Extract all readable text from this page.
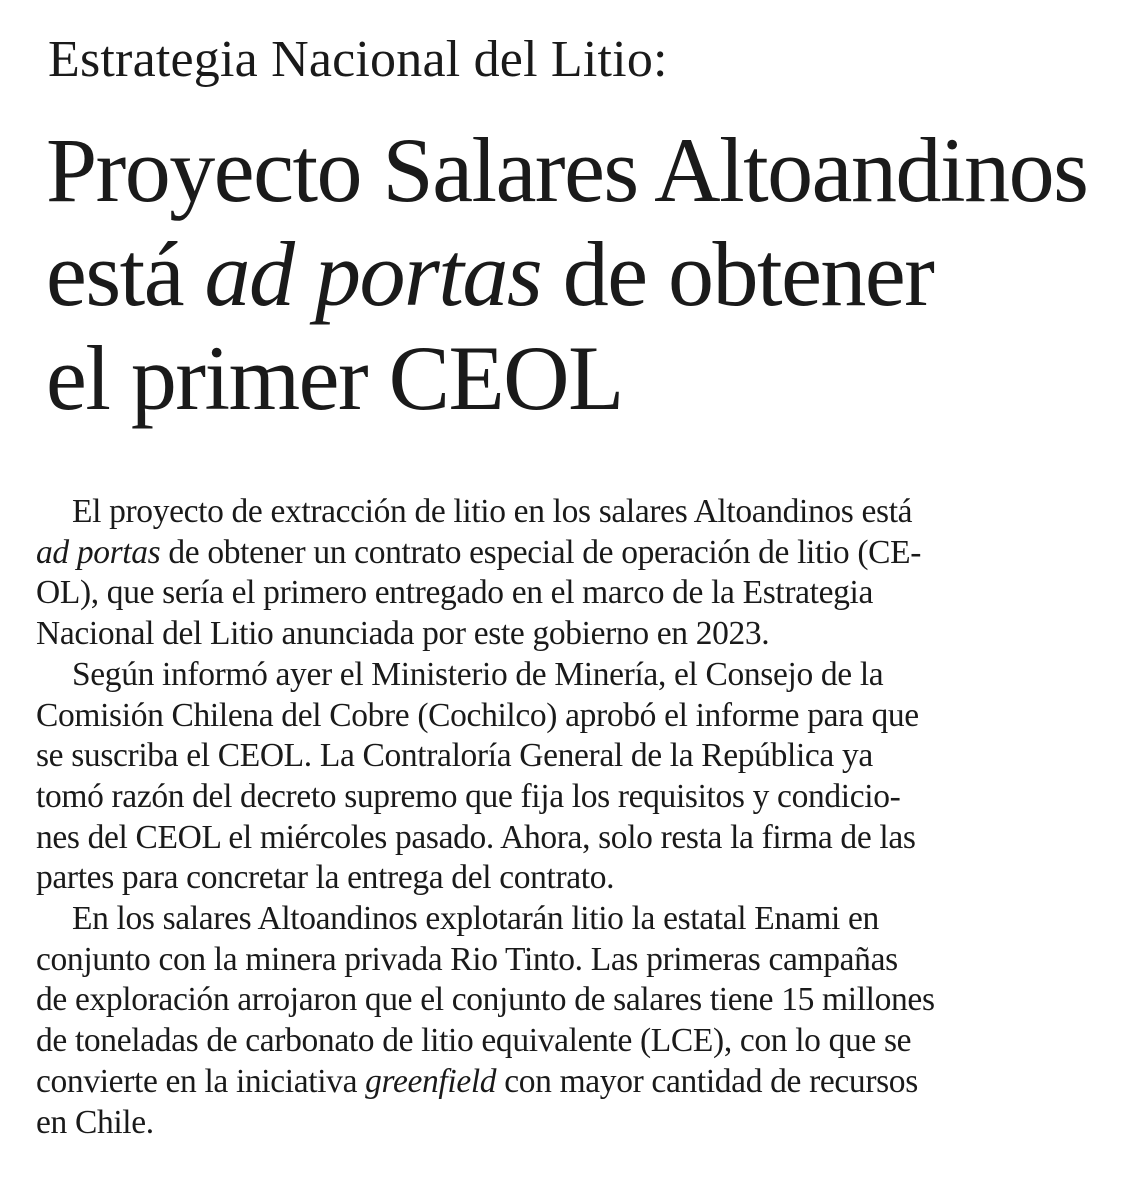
Estrategia Nacional del Litio:
Proyecto Salares Altoandinos
está ad portas de obtener
el primer CEOL
El proyecto de extracción de litio en los salares Altoandinos está
ad portas de obtener un contrato especial de operación de litio (CE-
OL), que sería el primero entregado en el marco de la Estrategia
Nacional del Litio anunciada por este gobierno en 2023.
Según informó ayer el Ministerio de Minería, el Consejo de la
Comisión Chilena del Cobre (Cochilco) aprobó el informe para que
se suscriba el CEOL. La Contraloría General de la República ya
tomó razón del decreto supremo que fija los requisitos y condicio-
nes del CEOL el miércoles pasado. Ahora, solo resta la firma de las
partes para concretar la entrega del contrato.
En los salares Altoandinos explotarán litio la estatal Enami en
conjunto con la minera privada Rio Tinto. Las primeras campañas
de exploración arrojaron que el conjunto de salares tiene 15 millones
de toneladas de carbonato de litio equivalente (LCE), con lo que se
convierte en la iniciativa greenfield con mayor cantidad de recursos
en Chile.
